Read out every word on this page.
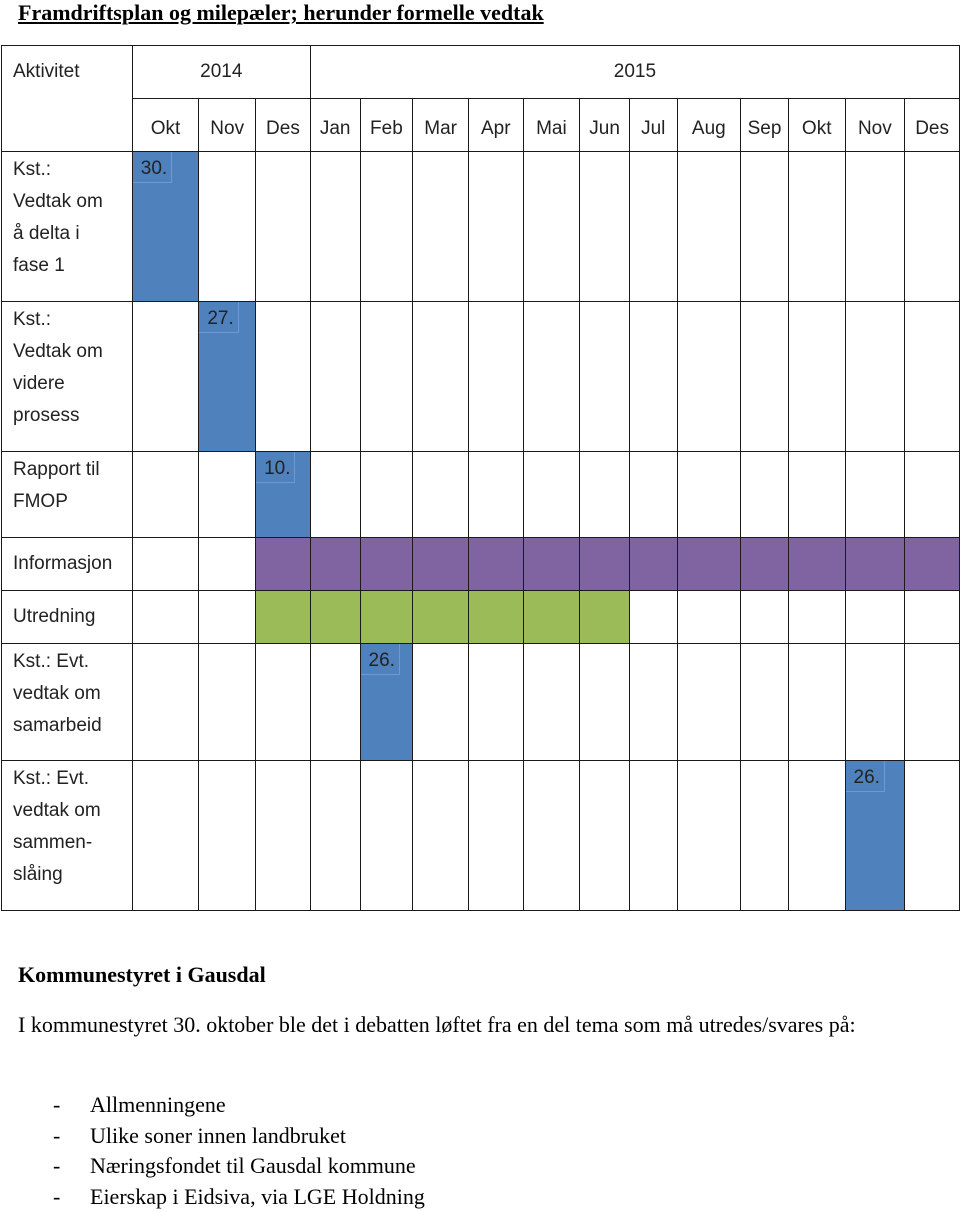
Framdriftsplan og milepæler; herunder formelle vedtak
Aktivitet	2014			2015											

	Okt	Nov	Des	Jan	Feb	Mar	Apr	Mai	Jun	Jul	Aug	Sep	Okt	Nov	Des

Kst.:
Vedtak om
å delta i
fase 1	30.														

Kst.:
Vedtak om
videre
prosess		27.													

Rapport til
FMOP			10.												

Informasjon															

Utredning															

Kst.: Evt.
vedtak om
samarbeid					26.										

Kst.: Evt.
vedtak om
sammen-
slåing														26.	
Kommunestyret i Gausdal
I kommunestyret 30. oktober ble det i debatten løftet fra en del tema som må utredes/svares på:
- Allmenningene
- Ulike soner innen landbruket
- Næringsfondet til Gausdal kommune
- Eierskap i Eidsiva, via LGE Holdning
